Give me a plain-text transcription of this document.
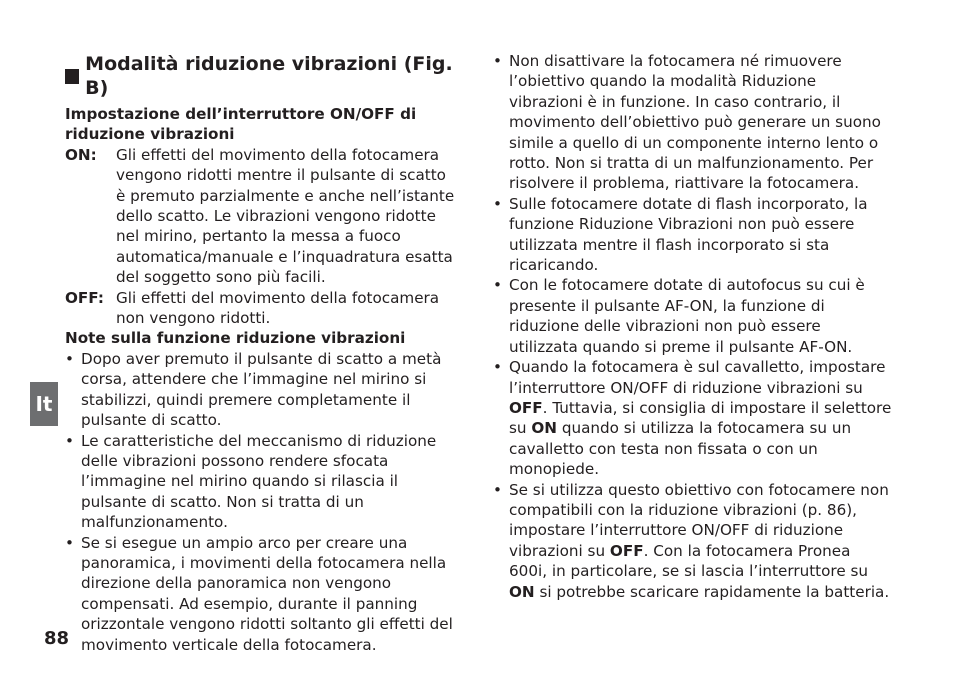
Modalità riduzione vibrazioni (Fig. B)

Impostazione dell’interruttore ON/OFF di riduzione vibrazioni

ON:	Gli effetti del movimento della fotocamera vengono ridotti mentre il pulsante di scatto è premuto parzialmente e anche nell’istante dello scatto. Le vibrazioni vengono ridotte nel mirino, pertanto la messa a fuoco automatica/manuale e l’inquadratura esatta del soggetto sono più facili.
OFF: Gli effetti del movimento della fotocamera non vengono ridotti.

Note sulla funzione riduzione vibrazioni

• Dopo aver premuto il pulsante di scatto a metà corsa, attendere che l’immagine nel mirino si stabilizzi, quindi premere completamente il pulsante di scatto.
• Le caratteristiche del meccanismo di riduzione delle vibrazioni possono rendere sfocata l’immagine nel mirino quando si rilascia il pulsante di scatto. Non si tratta di un malfunzionamento.
• Se si esegue un ampio arco per creare una panoramica, i movimenti della fotocamera nella direzione della panoramica non vengono compensati. Ad esempio, durante il panning orizzontale vengono ridotti soltanto gli effetti del movimento verticale della fotocamera.
• Non disattivare la fotocamera né rimuovere l’obiettivo quando la modalità Riduzione vibrazioni è in funzione. In caso contrario, il movimento dell’obiettivo può generare un suono simile a quello di un componente interno lento o rotto. Non si tratta di un malfunzionamento. Per risolvere il problema, riattivare la fotocamera.
• Sulle fotocamere dotate di flash incorporato, la funzione Riduzione Vibrazioni non può essere utilizzata mentre il flash incorporato si sta ricaricando.
• Con le fotocamere dotate di autofocus su cui è presente il pulsante AF-ON, la funzione di riduzione delle vibrazioni non può essere utilizzata quando si preme il pulsante AF-ON.
• Quando la fotocamera è sul cavalletto, impostare l’interruttore ON/OFF di riduzione vibrazioni su OFF. Tuttavia, si consiglia di impostare il selettore su ON quando si utilizza la fotocamera su un cavalletto con testa non fissata o con un monopiede.
• Se si utilizza questo obiettivo con fotocamere non compatibili con la riduzione vibrazioni (p. 86), impostare l’interruttore ON/OFF di riduzione vibrazioni su OFF. Con la fotocamera Pronea 600i, in particolare, se si lascia l’interruttore su ON si potrebbe scaricare rapidamente la batteria.
It
88
